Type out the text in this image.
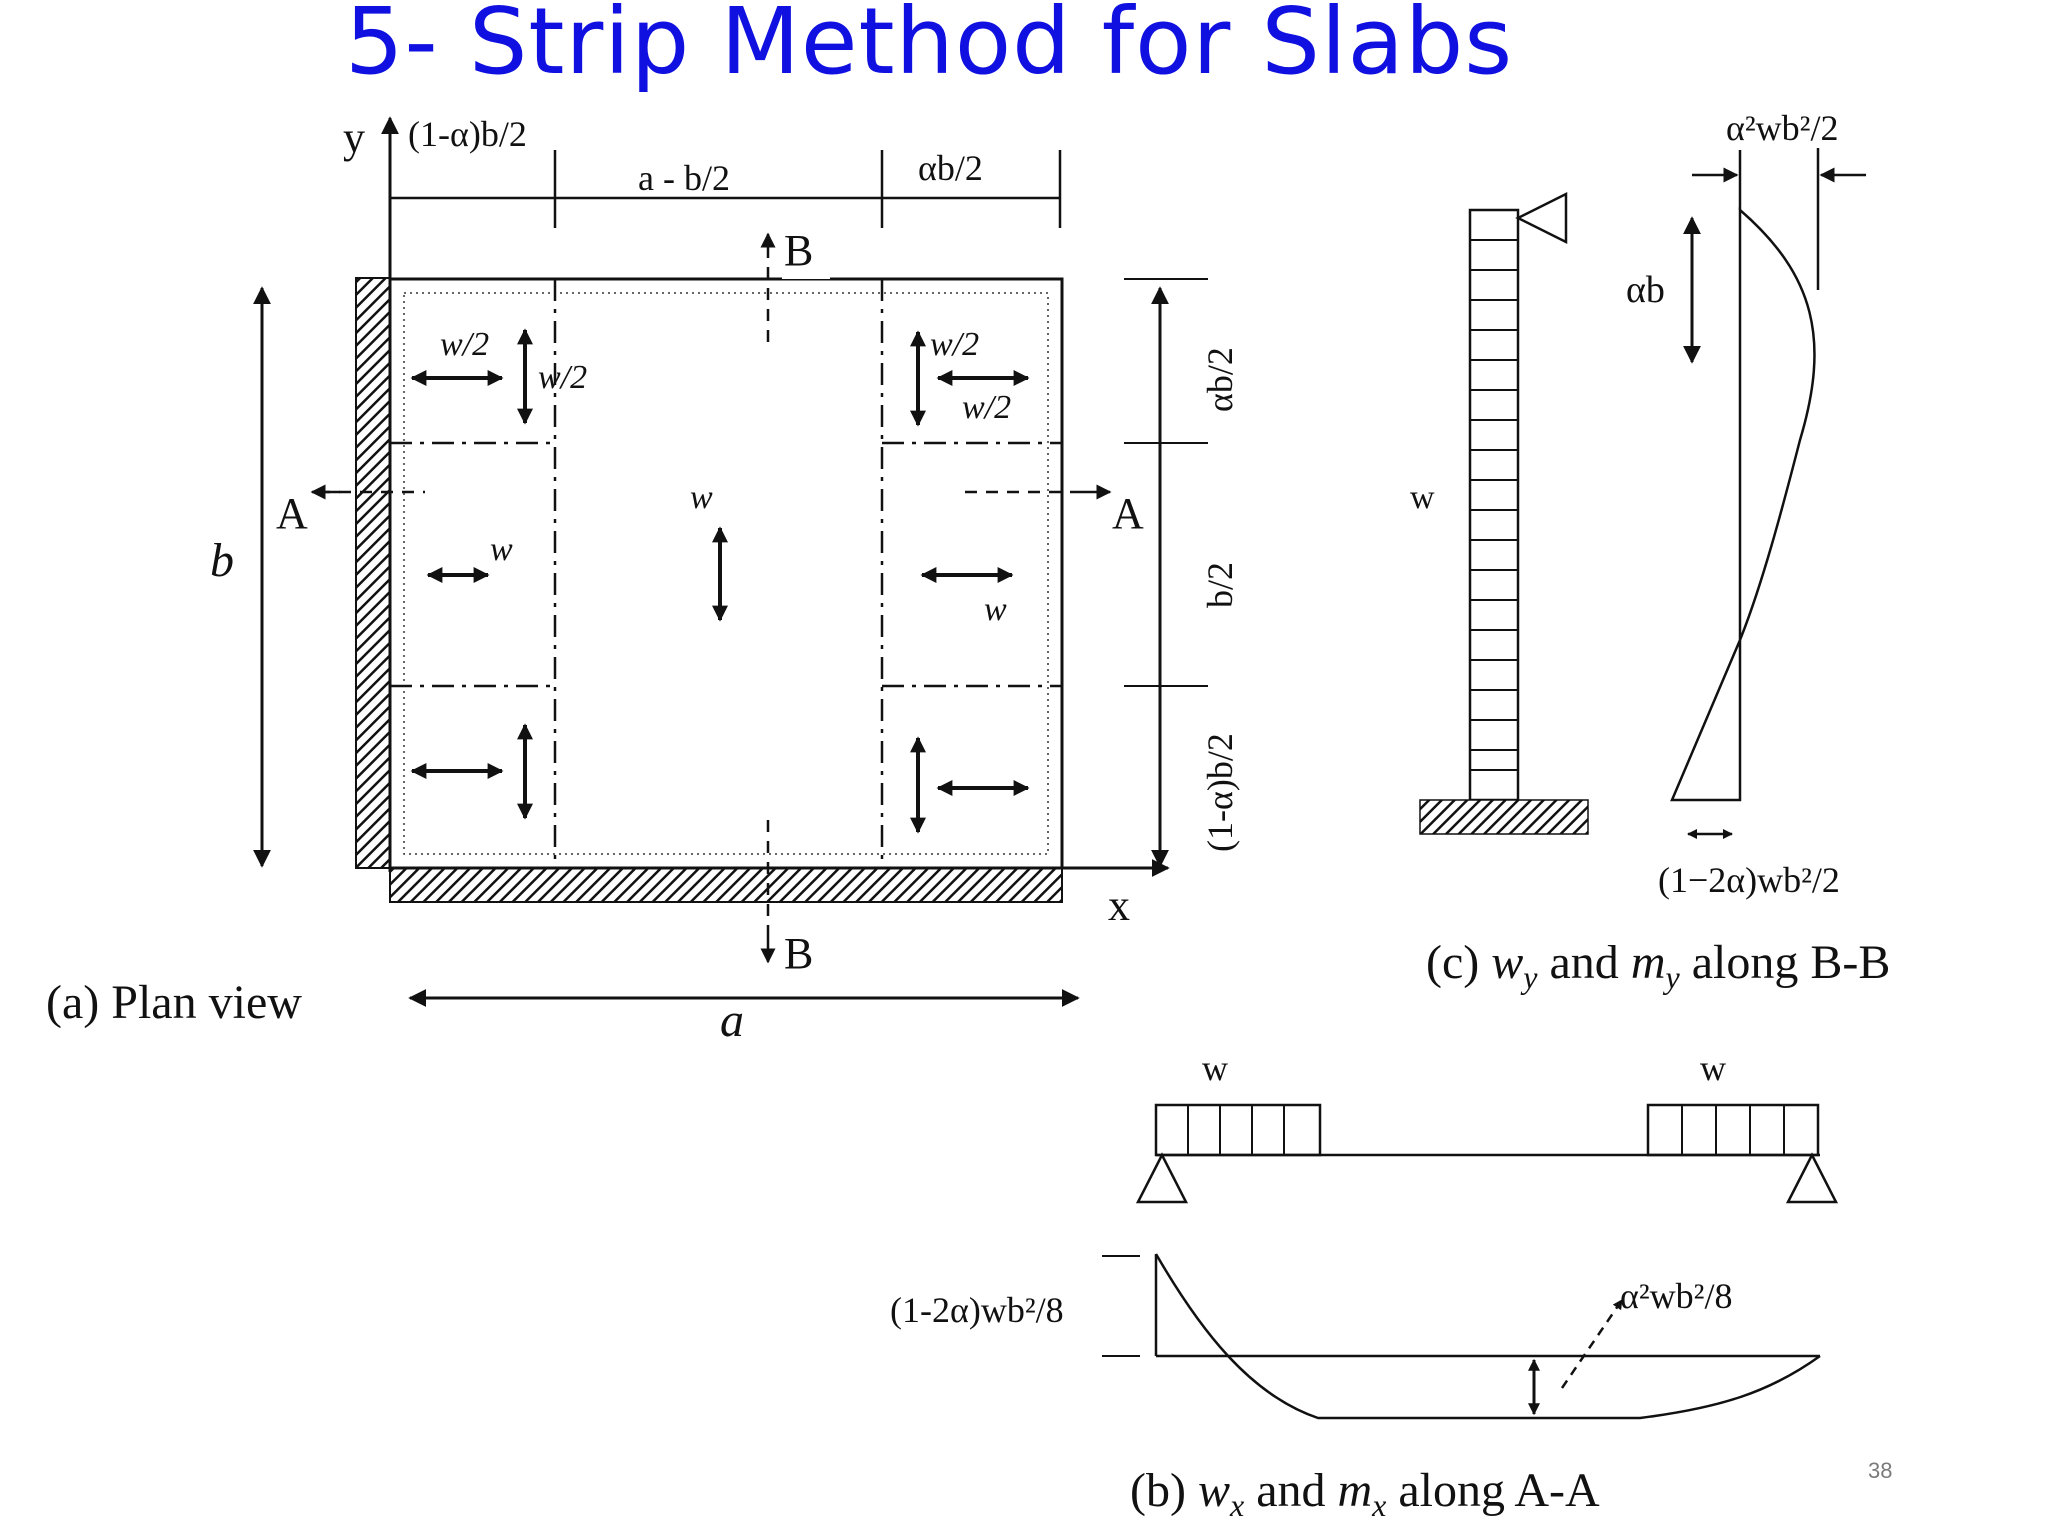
5- Strip Method for Slabs
y (1-α)b/2
a - b/2	αb/2
B
B
A	A
b
a
x
(a) Plan view
αb/2
b/2
(1-α)b/2
w/2
w/2
w/2
w/2
w
w
w
w
α²wb²/2
αb
(1−2α)wb²/2
(c) $w_y$ and $m_y$ along B-B
w	w
(1-2α)wb²/8	α²wb²/8
(b) $w_x$ and $m_x$ along A-A	38
